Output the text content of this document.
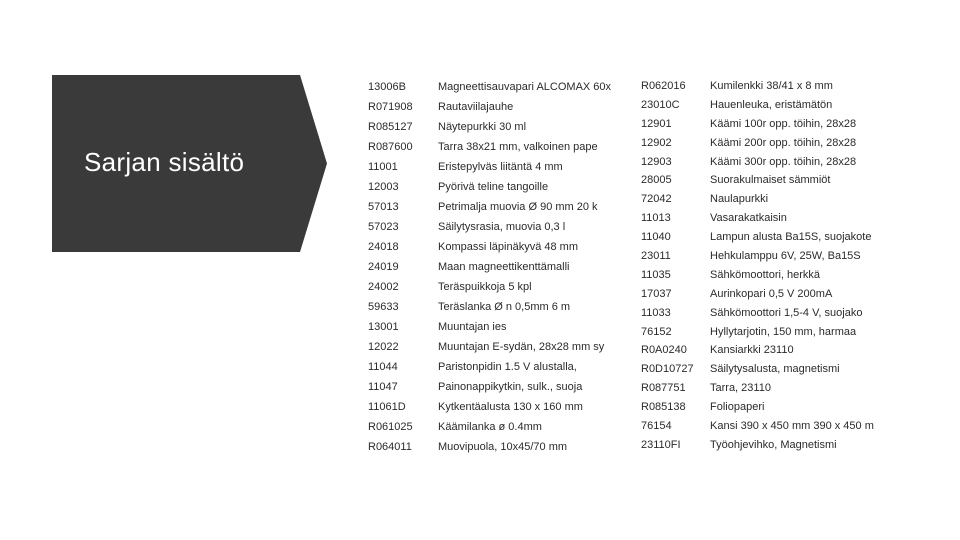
Sarjan sisältö
13006B	Magneettisauvapari ALCOMAX 60x
R071908 Rautaviilajauhe
R085127 Näytepurkki 30 ml
R087600 Tarra 38x21 mm, valkoinen pape
11001	Eristepylväs liitäntä 4 mm
12003	Pyörivä teline tangoille
57013	Petrimalja muovia Ø 90 mm 20 k
57023	Säilytysrasia, muovia 0,3 l
24018	Kompassi läpinäkyvä 48 mm
24019	Maan magneettikenttämalli
24002	Teräspuikkoja 5 kpl
59633	Teräslanka Ø n 0,5mm 6 m
13001	Muuntajan ies
12022	Muuntajan E-sydän, 28x28 mm sy
11044	Paristonpidin 1.5 V alustalla,
11047	Painonappikytkin, sulk., suoja
11061D	Kytkentäalusta 130 x 160 mm
R061025 Käämilanka ø 0.4mm
R064011 Muovipuola, 10x45/70 mm
R062016 Kumilenkki 38/41 x 8 mm
23010C	Hauenleuka, eristämätön
12901	Käämi 100r opp. töihin, 28x28
12902	Käämi 200r opp. töihin, 28x28
12903	Käämi 300r opp. töihin, 28x28
28005	Suorakulmaiset sämmiöt
72042	Naulapurkki
11013	Vasarakatkaisin
11040	Lampun alusta Ba15S, suojakote
23011	Hehkulamppu 6V, 25W, Ba15S
11035	Sähkömoottori, herkkä
17037	Aurinkopari 0,5 V 200mA
11033	Sähkömoottori 1,5-4 V, suojako
76152	Hyllytarjotin, 150 mm, harmaa
R0A0240 Kansiarkki 23110
R0D10727 Säilytysalusta, magnetismi
R087751 Tarra, 23110
R085138 Foliopaperi
76154	Kansi 390 x 450 mm 390 x 450 m
23110FI	Työohjevihko, Magnetismi
